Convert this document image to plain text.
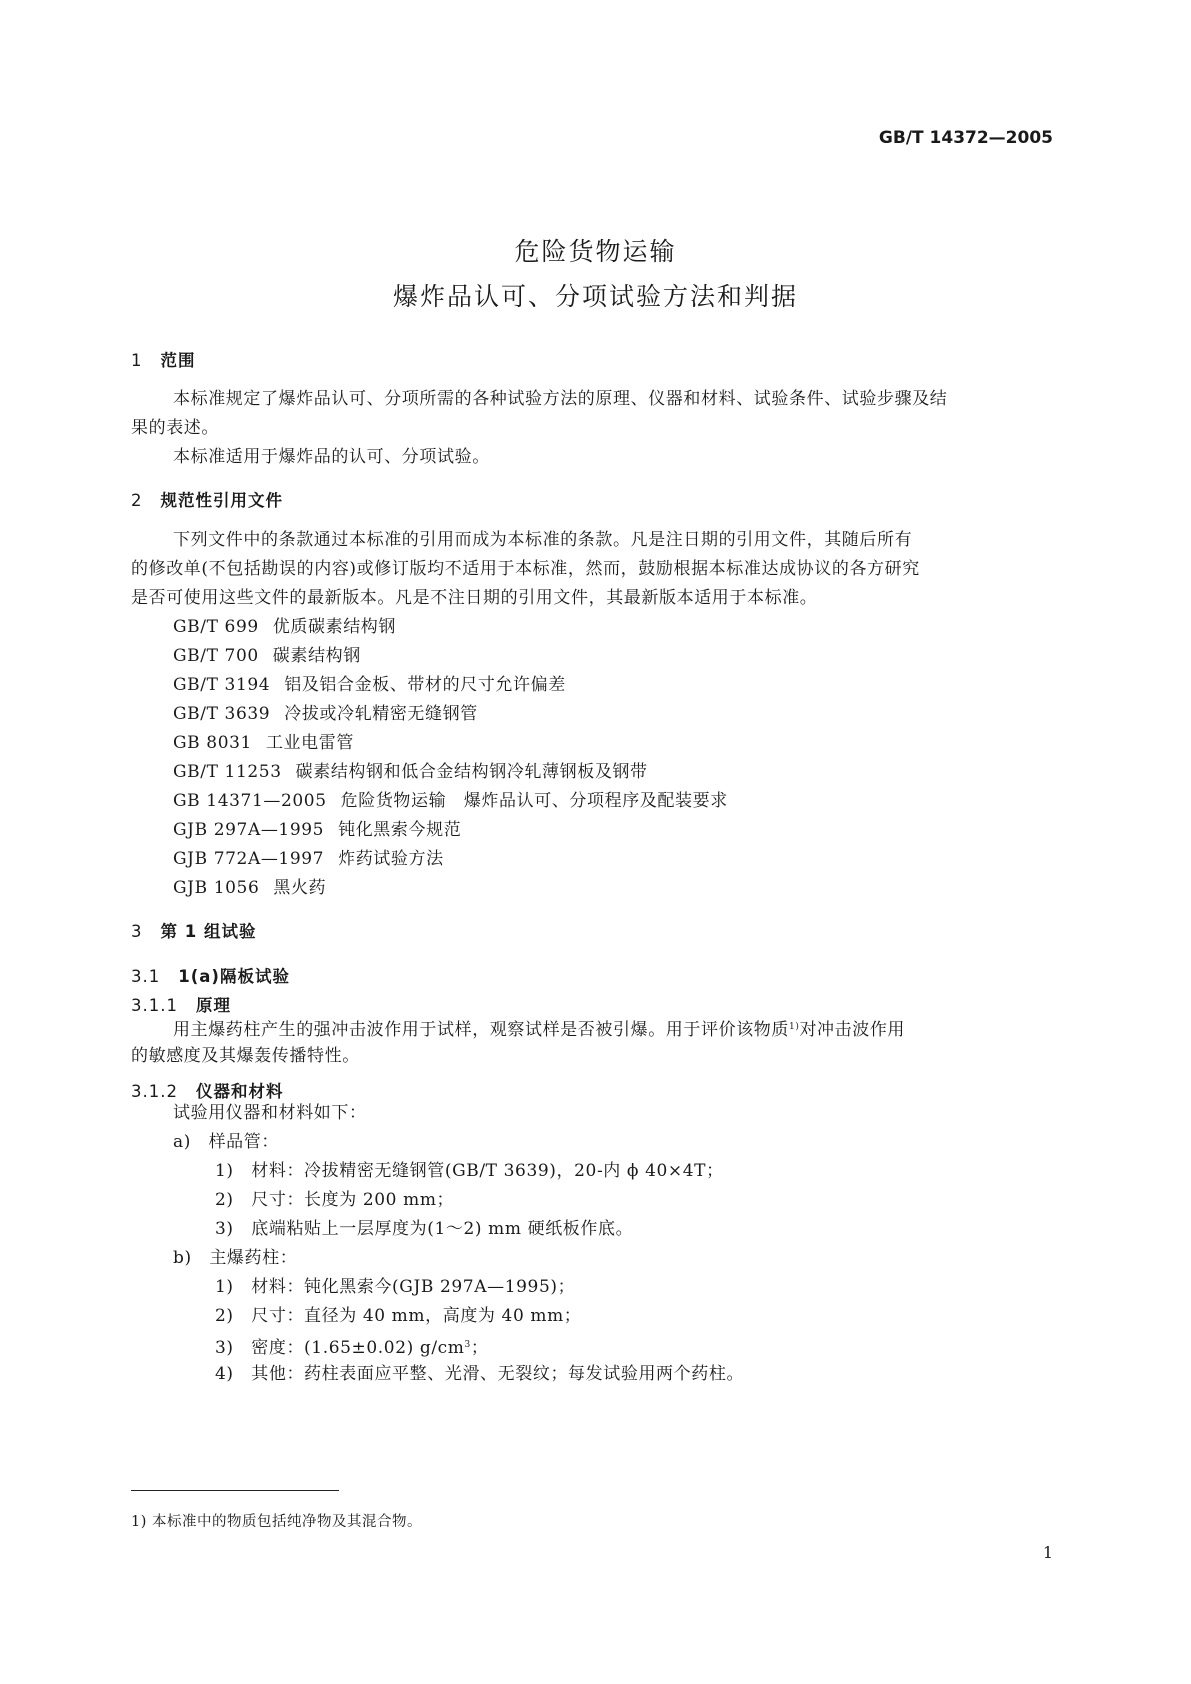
GB/T 14372—2005
危险货物运输
爆炸品认可、分项试验方法和判据
1 范围
本标准规定了爆炸品认可、分项所需的各种试验方法的原理、仪器和材料、试验条件、试验步骤及结
果的表述。
本标准适用于爆炸品的认可、分项试验。
2 规范性引用文件
下列文件中的条款通过本标准的引用而成为本标准的条款。凡是注日期的引用文件，其随后所有
的修改单(不包括勘误的内容)或修订版均不适用于本标准，然而，鼓励根据本标准达成协议的各方研究
是否可使用这些文件的最新版本。凡是不注日期的引用文件，其最新版本适用于本标准。
GB/T 699 优质碳素结构钢
GB/T 700 碳素结构钢
GB/T 3194 铝及铝合金板、带材的尺寸允许偏差
GB/T 3639 冷拔或冷轧精密无缝钢管
GB 8031 工业电雷管
GB/T 11253 碳素结构钢和低合金结构钢冷轧薄钢板及钢带
GB 14371—2005 危险货物运输　爆炸品认可、分项程序及配装要求
GJB 297A—1995 钝化黑索今规范
GJB 772A—1997 炸药试验方法
GJB 1056 黑火药
3 第 1 组试验
3.1 1(a)隔板试验
3.1.1 原理
用主爆药柱产生的强冲击波作用于试样，观察试样是否被引爆。用于评价该物质$^{1)}$对冲击波作用
的敏感度及其爆轰传播特性。
3.1.2 仪器和材料
试验用仪器和材料如下：
a)　样品管：
1)　材料：冷拔精密无缝钢管(GB/T 3639)，20-内 ϕ 40×4T；
2)　尺寸：长度为 200 mm；
3)　底端粘贴上一层厚度为(1～2) mm 硬纸板作底。
b)　主爆药柱：
1)　材料：钝化黑索今(GJB 297A—1995)；
2)　尺寸：直径为 40 mm，高度为 40 mm；
3)　密度：(1.65±0.02) $g/cm^3$；
4)　其他：药柱表面应平整、光滑、无裂纹；每发试验用两个药柱。
1) 本标准中的物质包括纯净物及其混合物。
1
